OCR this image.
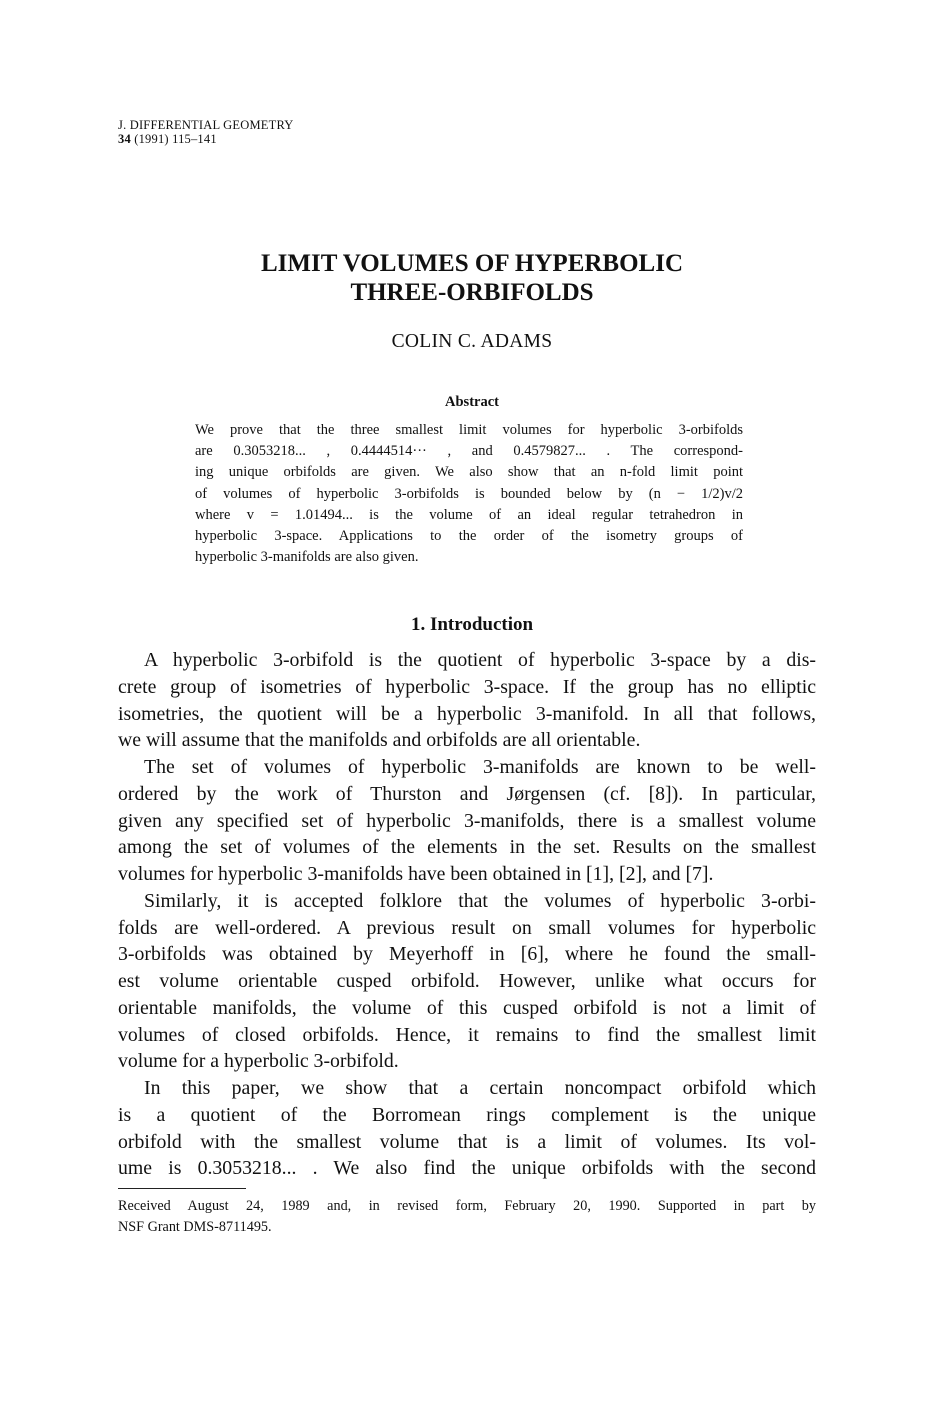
J. DIFFERENTIAL GEOMETRY
34 (1991) 115–141
LIMIT VOLUMES OF HYPERBOLIC
THREE-ORBIFOLDS
COLIN C. ADAMS
Abstract
We prove that the three smallest limit volumes for hyperbolic 3-orbifolds
are 0.3053218... , 0.4444514··· , and 0.4579827... . The correspond-
ing unique orbifolds are given. We also show that an n-fold limit point
of volumes of hyperbolic 3-orbifolds is bounded below by (n − 1/2)v/2
where v = 1.01494... is the volume of an ideal regular tetrahedron in
hyperbolic 3-space. Applications to the order of the isometry groups of
hyperbolic 3-manifolds are also given.
1. Introduction
A hyperbolic 3-orbifold is the quotient of hyperbolic 3-space by a dis-
crete group of isometries of hyperbolic 3-space. If the group has no elliptic
isometries, the quotient will be a hyperbolic 3-manifold. In all that follows,
we will assume that the manifolds and orbifolds are all orientable.
The set of volumes of hyperbolic 3-manifolds are known to be well-
ordered by the work of Thurston and Jørgensen (cf. [8]). In particular,
given any specified set of hyperbolic 3-manifolds, there is a smallest volume
among the set of volumes of the elements in the set. Results on the smallest
volumes for hyperbolic 3-manifolds have been obtained in [1], [2], and [7].
Similarly, it is accepted folklore that the volumes of hyperbolic 3-orbi-
folds are well-ordered. A previous result on small volumes for hyperbolic
3-orbifolds was obtained by Meyerhoff in [6], where he found the small-
est volume orientable cusped orbifold. However, unlike what occurs for
orientable manifolds, the volume of this cusped orbifold is not a limit of
volumes of closed orbifolds. Hence, it remains to find the smallest limit
volume for a hyperbolic 3-orbifold.
In this paper, we show that a certain noncompact orbifold which
is a quotient of the Borromean rings complement is the unique
orbifold with the smallest volume that is a limit of volumes. Its vol-
ume is 0.3053218... . We also find the unique orbifolds with the second
Received August 24, 1989 and, in revised form, February 20, 1990. Supported in part by
NSF Grant DMS-8711495.
